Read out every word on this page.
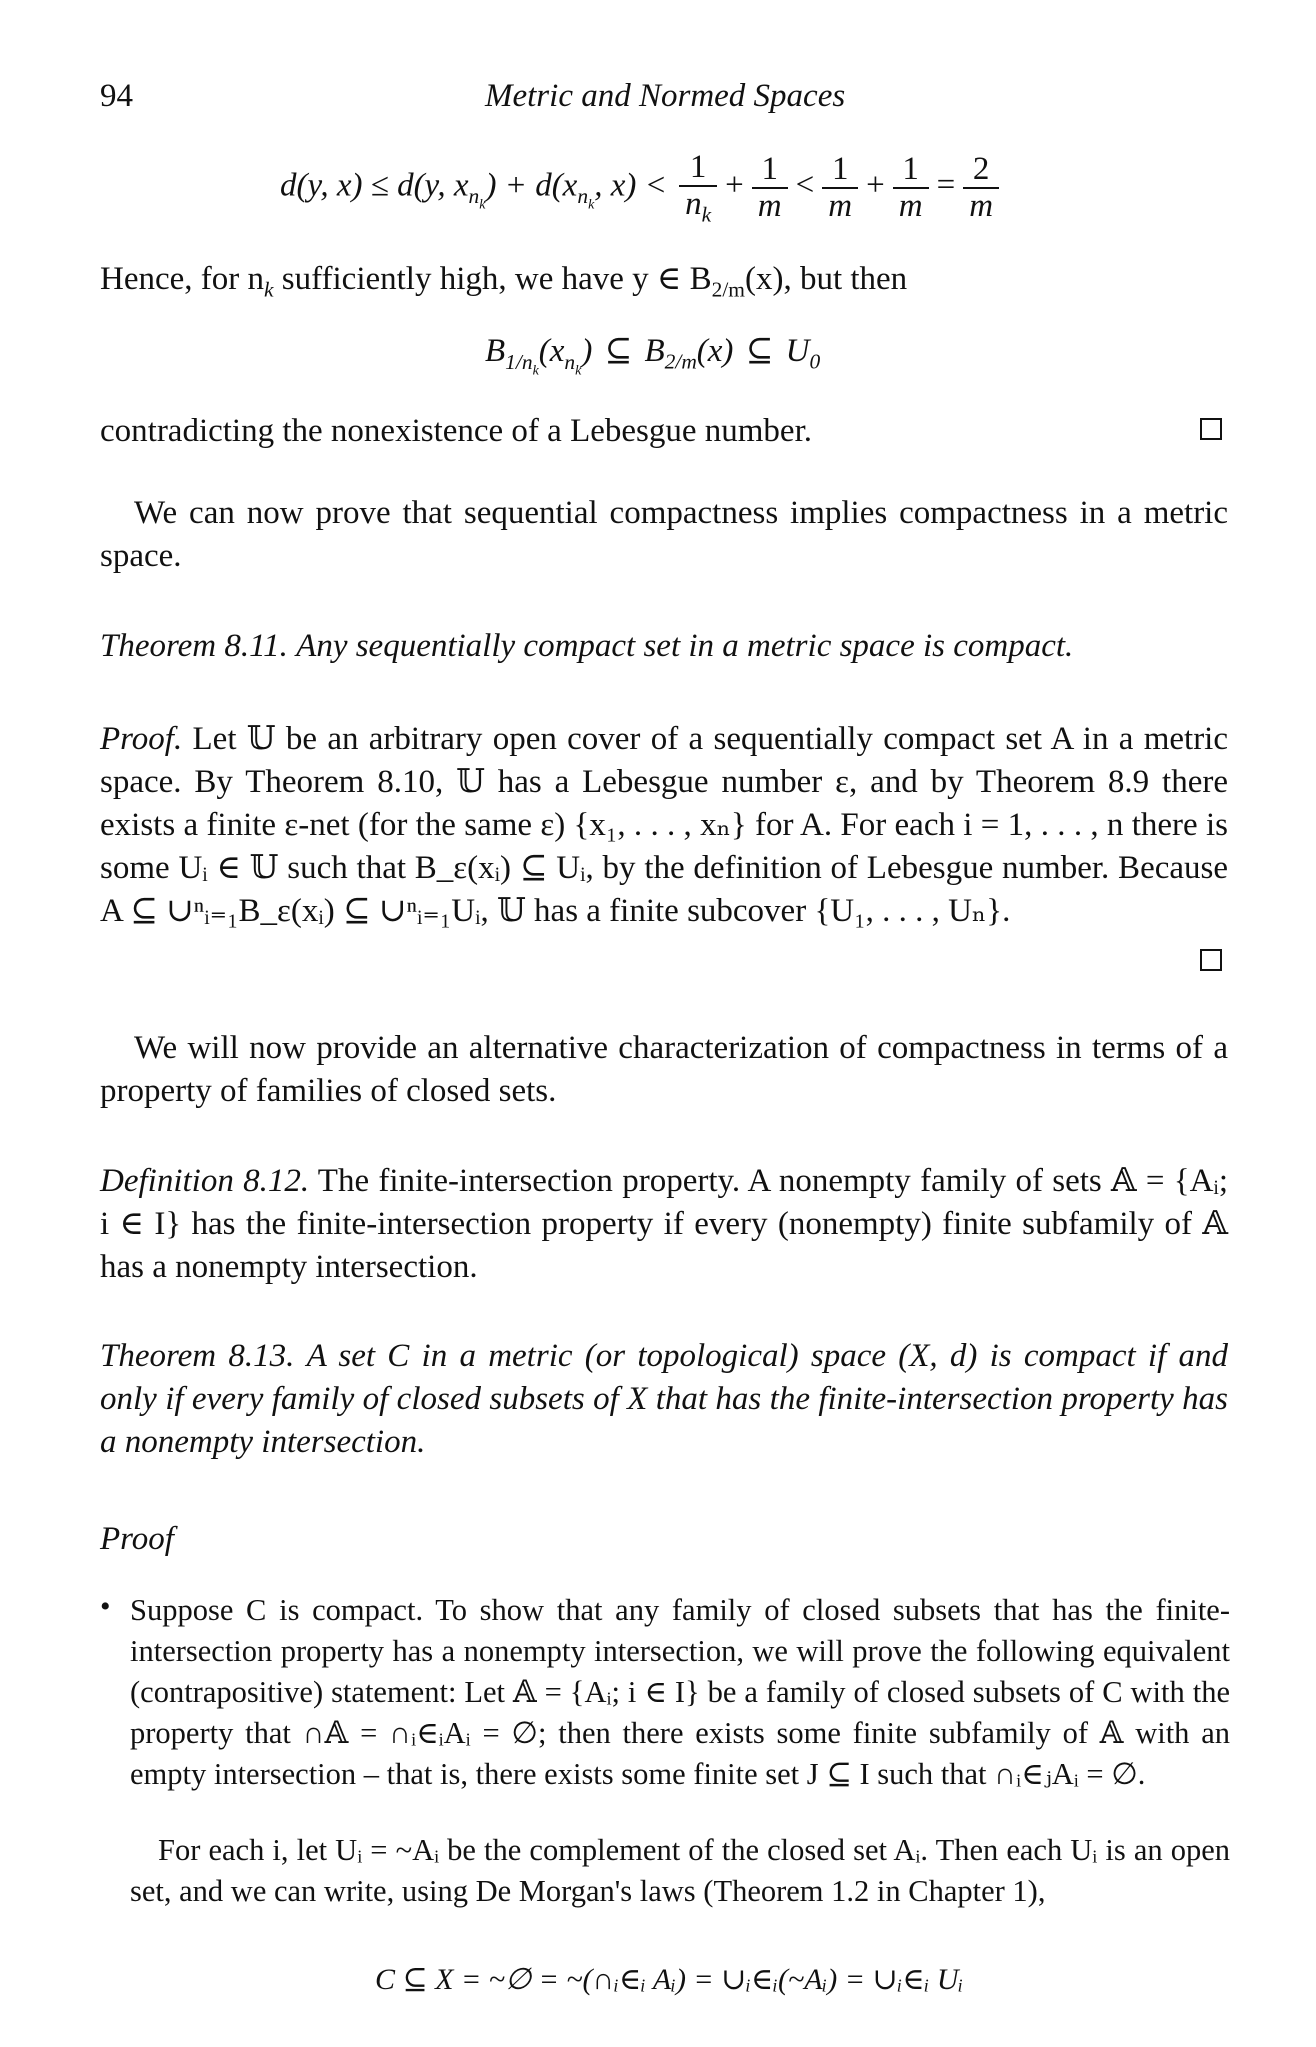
94	Metric and Normed Spaces
d(y, x) ≤ d(y, $x_{n_k}) + d(x_{n_k}$, $x) < \frac{1}{n_k} + \frac{1}{m} < \frac{1}{m} + \frac{1}{m} = \frac{2}{m}$
Hence, for $n_k$ sufficiently high, we have y ∈ $B_{2/m}(x)$, but then
$B_{1/n_k}(x_{n_k})$ ⊆ $B_{2/m}(x)$ ⊆ $U_0$
contradicting the nonexistence of a Lebesgue number.
We can now prove that sequential compactness implies compactness in a metric space.
Theorem 8.11. Any sequentially compact set in a metric space is compact.
Proof. Let 𝕌 be an arbitrary open cover of a sequentially compact set A in a metric space. By Theorem 8.10, 𝕌 has a Lebesgue number ε, and by Theorem 8.9 there exists a finite ε-net (for the same ε) {x₁, . . . , xₙ} for A. For each i = 1, . . . , n there is some Uᵢ ∈ 𝕌 such that B_ε(xᵢ) ⊆ Uᵢ, by the definition of Lebesgue number. Because A ⊆ ∪ⁿᵢ₌₁B_ε(xᵢ) ⊆ ∪ⁿᵢ₌₁Uᵢ, 𝕌 has a finite subcover {U₁, . . . , Uₙ}.
We will now provide an alternative characterization of compactness in terms of a property of families of closed sets.
Definition 8.12. The finite-intersection property. A nonempty family of sets 𝔸 = {Aᵢ; i ∈ I} has the finite-intersection property if every (nonempty) finite subfamily of 𝔸 has a nonempty intersection.
Theorem 8.13. A set C in a metric (or topological) space (X, d) is compact if and only if every family of closed subsets of X that has the finite-intersection property has a nonempty intersection.
Proof
• Suppose C is compact. To show that any family of closed subsets that has the finite-intersection property has a nonempty intersection, we will prove the following equivalent (contrapositive) statement: Let 𝔸 = {Aᵢ; i ∈ I} be a family of closed subsets of C with the property that ∩𝔸 = ∩ᵢ∈ᵢAᵢ = ∅; then there exists some finite subfamily of 𝔸 with an empty intersection – that is, there exists some finite set J ⊆ I such that ∩ᵢ∈ⱼAᵢ = ∅.
For each i, let Uᵢ = ~Aᵢ be the complement of the closed set Aᵢ. Then each Uᵢ is an open set, and we can write, using De Morgan's laws (Theorem 1.2 in Chapter 1),
C ⊆ X = ~∅ = ~(∩ᵢ∈ᵢ Aᵢ) = ∪ᵢ∈ᵢ(~Aᵢ) = ∪ᵢ∈ᵢ Uᵢ
